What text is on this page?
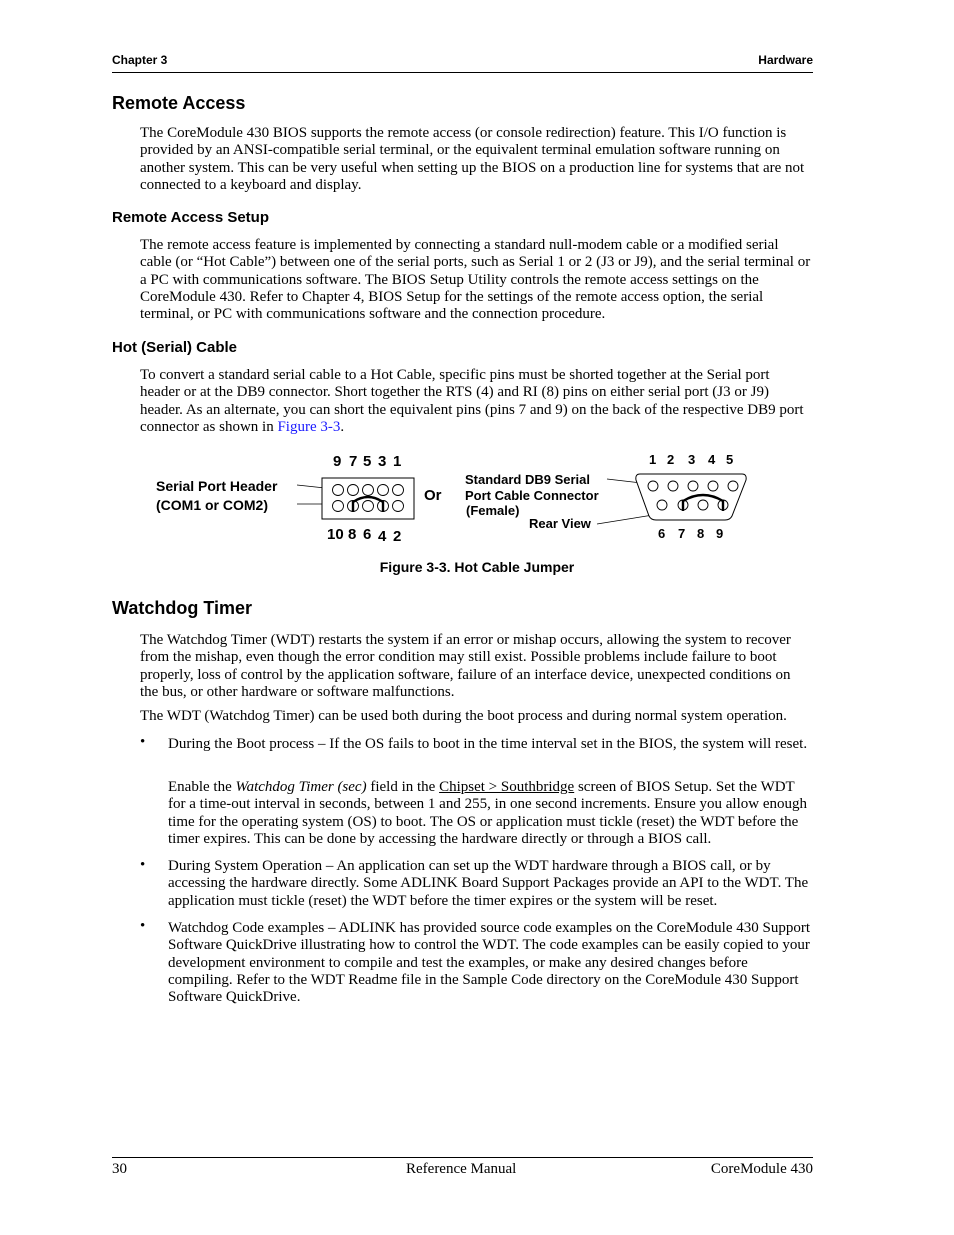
Chapter 3	Hardware
Remote Access

The CoreModule 430 BIOS supports the remote access (or console redirection) feature. This I/O function is provided by an ANSI-compatible serial terminal, or the equivalent terminal emulation software running on another system. This can be very useful when setting up the BIOS on a production line for systems that are not connected to a keyboard and display.

Remote Access Setup

The remote access feature is implemented by connecting a standard null-modem cable or a modified serial cable (or “Hot Cable”) between one of the serial ports, such as Serial 1 or 2 (J3 or J9), and the serial terminal or a PC with communications software. The BIOS Setup Utility controls the remote access settings on the CoreModule 430. Refer to Chapter 4, BIOS Setup for the settings of the remote access option, the serial terminal, or PC with communications software and the connection procedure.

Hot (Serial) Cable

To convert a standard serial cable to a Hot Cable, specific pins must be shorted together at the Serial port header or at the DB9 connector. Short together the RTS (4) and RI (8) pins on either serial port (J3 or J9) header. As an alternate, you can short the equivalent pins (pins 7 and 9) on the back of the respective DB9 port connector as shown in Figure 3-3.

Serial Port Header
(COM1 or COM2)
9 7 5 3 1
10 8 6 4 2
Or
Standard DB9 Serial
Port Cable Connector
(Female)
Rear View
1 2 3 4 5
6 7 8 9
Figure 3-3. Hot Cable Jumper
Watchdog Timer

The Watchdog Timer (WDT) restarts the system if an error or mishap occurs, allowing the system to recover from the mishap, even though the error condition may still exist. Possible problems include failure to boot properly, loss of control by the application software, failure of an interface device, unexpected conditions on the bus, or other hardware or software malfunctions.

The WDT (Watchdog Timer) can be used both during the boot process and during normal system operation.

• During the Boot process – If the OS fails to boot in the time interval set in the BIOS, the system will reset.

Enable the Watchdog Timer (sec) field in the Chipset > Southbridge screen of BIOS Setup. Set the WDT for a time-out interval in seconds, between 1 and 255, in one second increments. Ensure you allow enough time for the operating system (OS) to boot. The OS or application must tickle (reset) the WDT before the timer expires. This can be done by accessing the hardware directly or through a BIOS call.

• During System Operation – An application can set up the WDT hardware through a BIOS call, or by accessing the hardware directly. Some ADLINK Board Support Packages provide an API to the WDT. The application must tickle (reset) the WDT before the timer expires or the system will be reset.

• Watchdog Code examples – ADLINK has provided source code examples on the CoreModule 430 Support Software QuickDrive illustrating how to control the WDT. The code examples can be easily copied to your development environment to compile and test the examples, or make any desired changes before compiling. Refer to the WDT Readme file in the Sample Code directory on the CoreModule 430 Support Software QuickDrive.

30	Reference Manual	CoreModule 430
